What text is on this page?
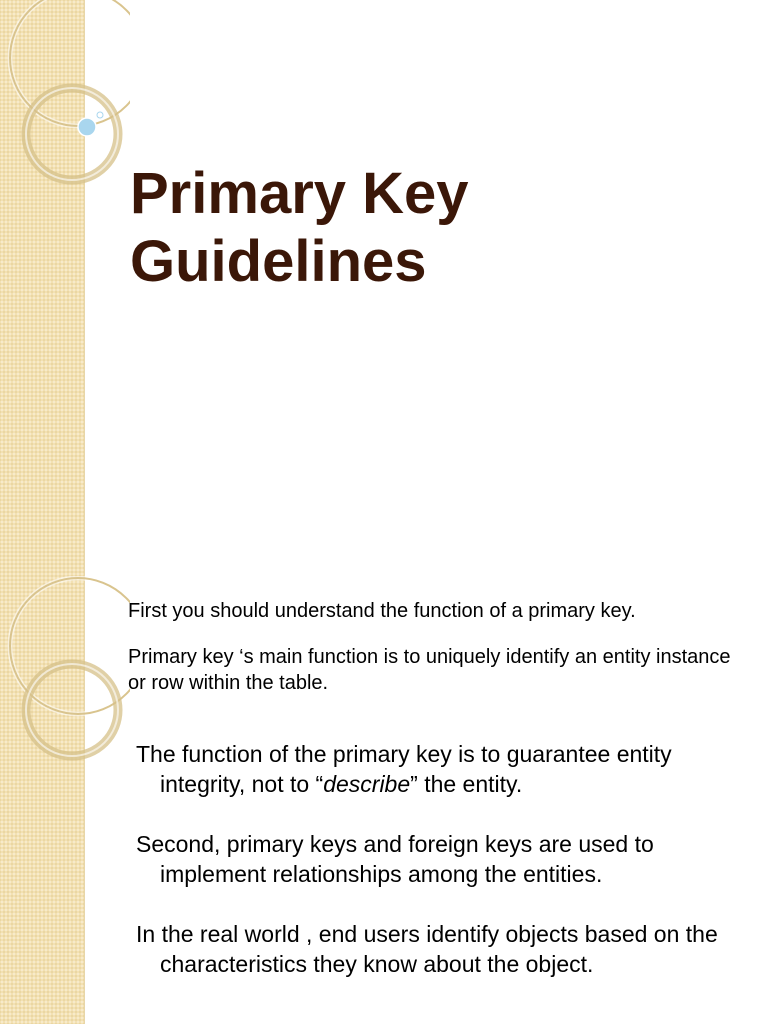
Primary Key
Guidelines

First you should understand the function of a primary key.

Primary key ‘s main function is to uniquely identify an entity instance or row within the table.

The function of the primary key is to guarantee entity integrity, not to “describe” the entity.

Second, primary keys and foreign keys are used to implement relationships among the entities.

In the real world , end users identify objects based on the characteristics they know about the object.
